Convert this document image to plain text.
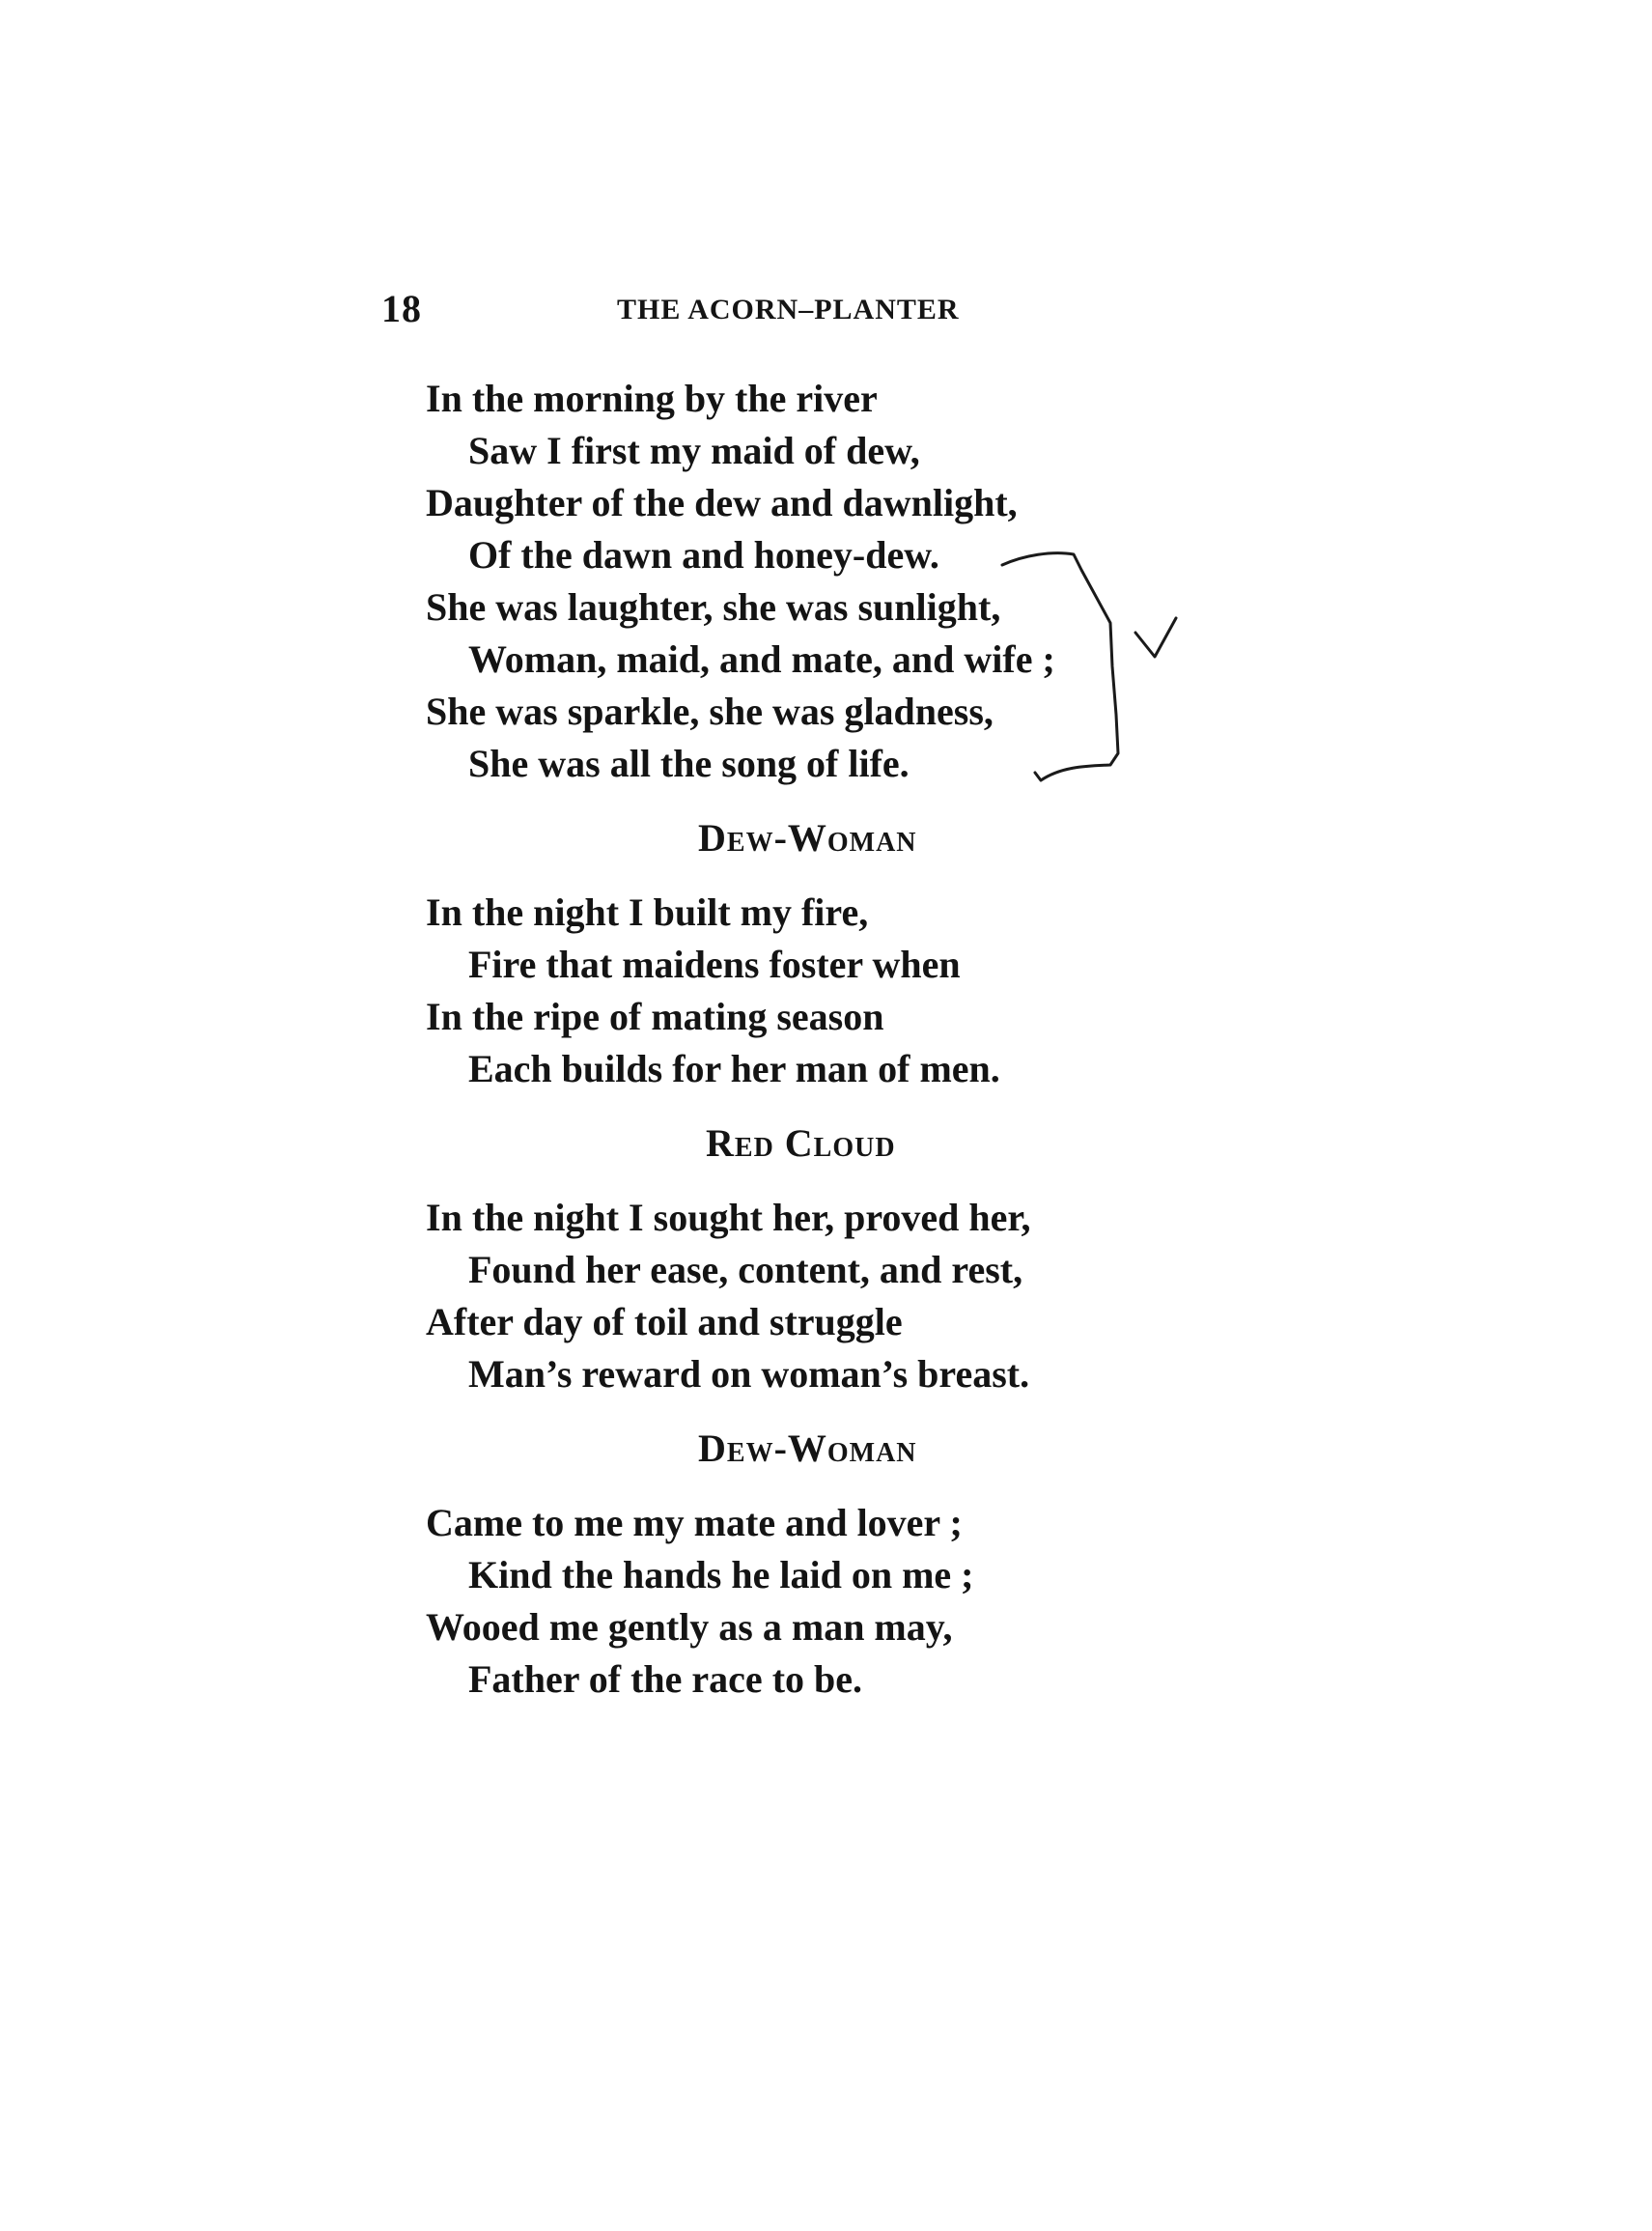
18	THE ACORN–PLANTER
In the morning by the river
Saw I first my maid of dew,
Daughter of the dew and dawnlight,
Of the dawn and honey-dew.
She was laughter, she was sunlight,
Woman, maid, and mate, and wife ;
She was sparkle, she was gladness,
She was all the song of life.
Dew-Woman
In the night I built my fire,
Fire that maidens foster when
In the ripe of mating season
Each builds for her man of men.
Red Cloud
In the night I sought her, proved her,
Found her ease, content, and rest,
After day of toil and struggle
Man’s reward on woman’s breast.
Dew-Woman
Came to me my mate and lover ;
Kind the hands he laid on me ;
Wooed me gently as a man may,
Father of the race to be.
